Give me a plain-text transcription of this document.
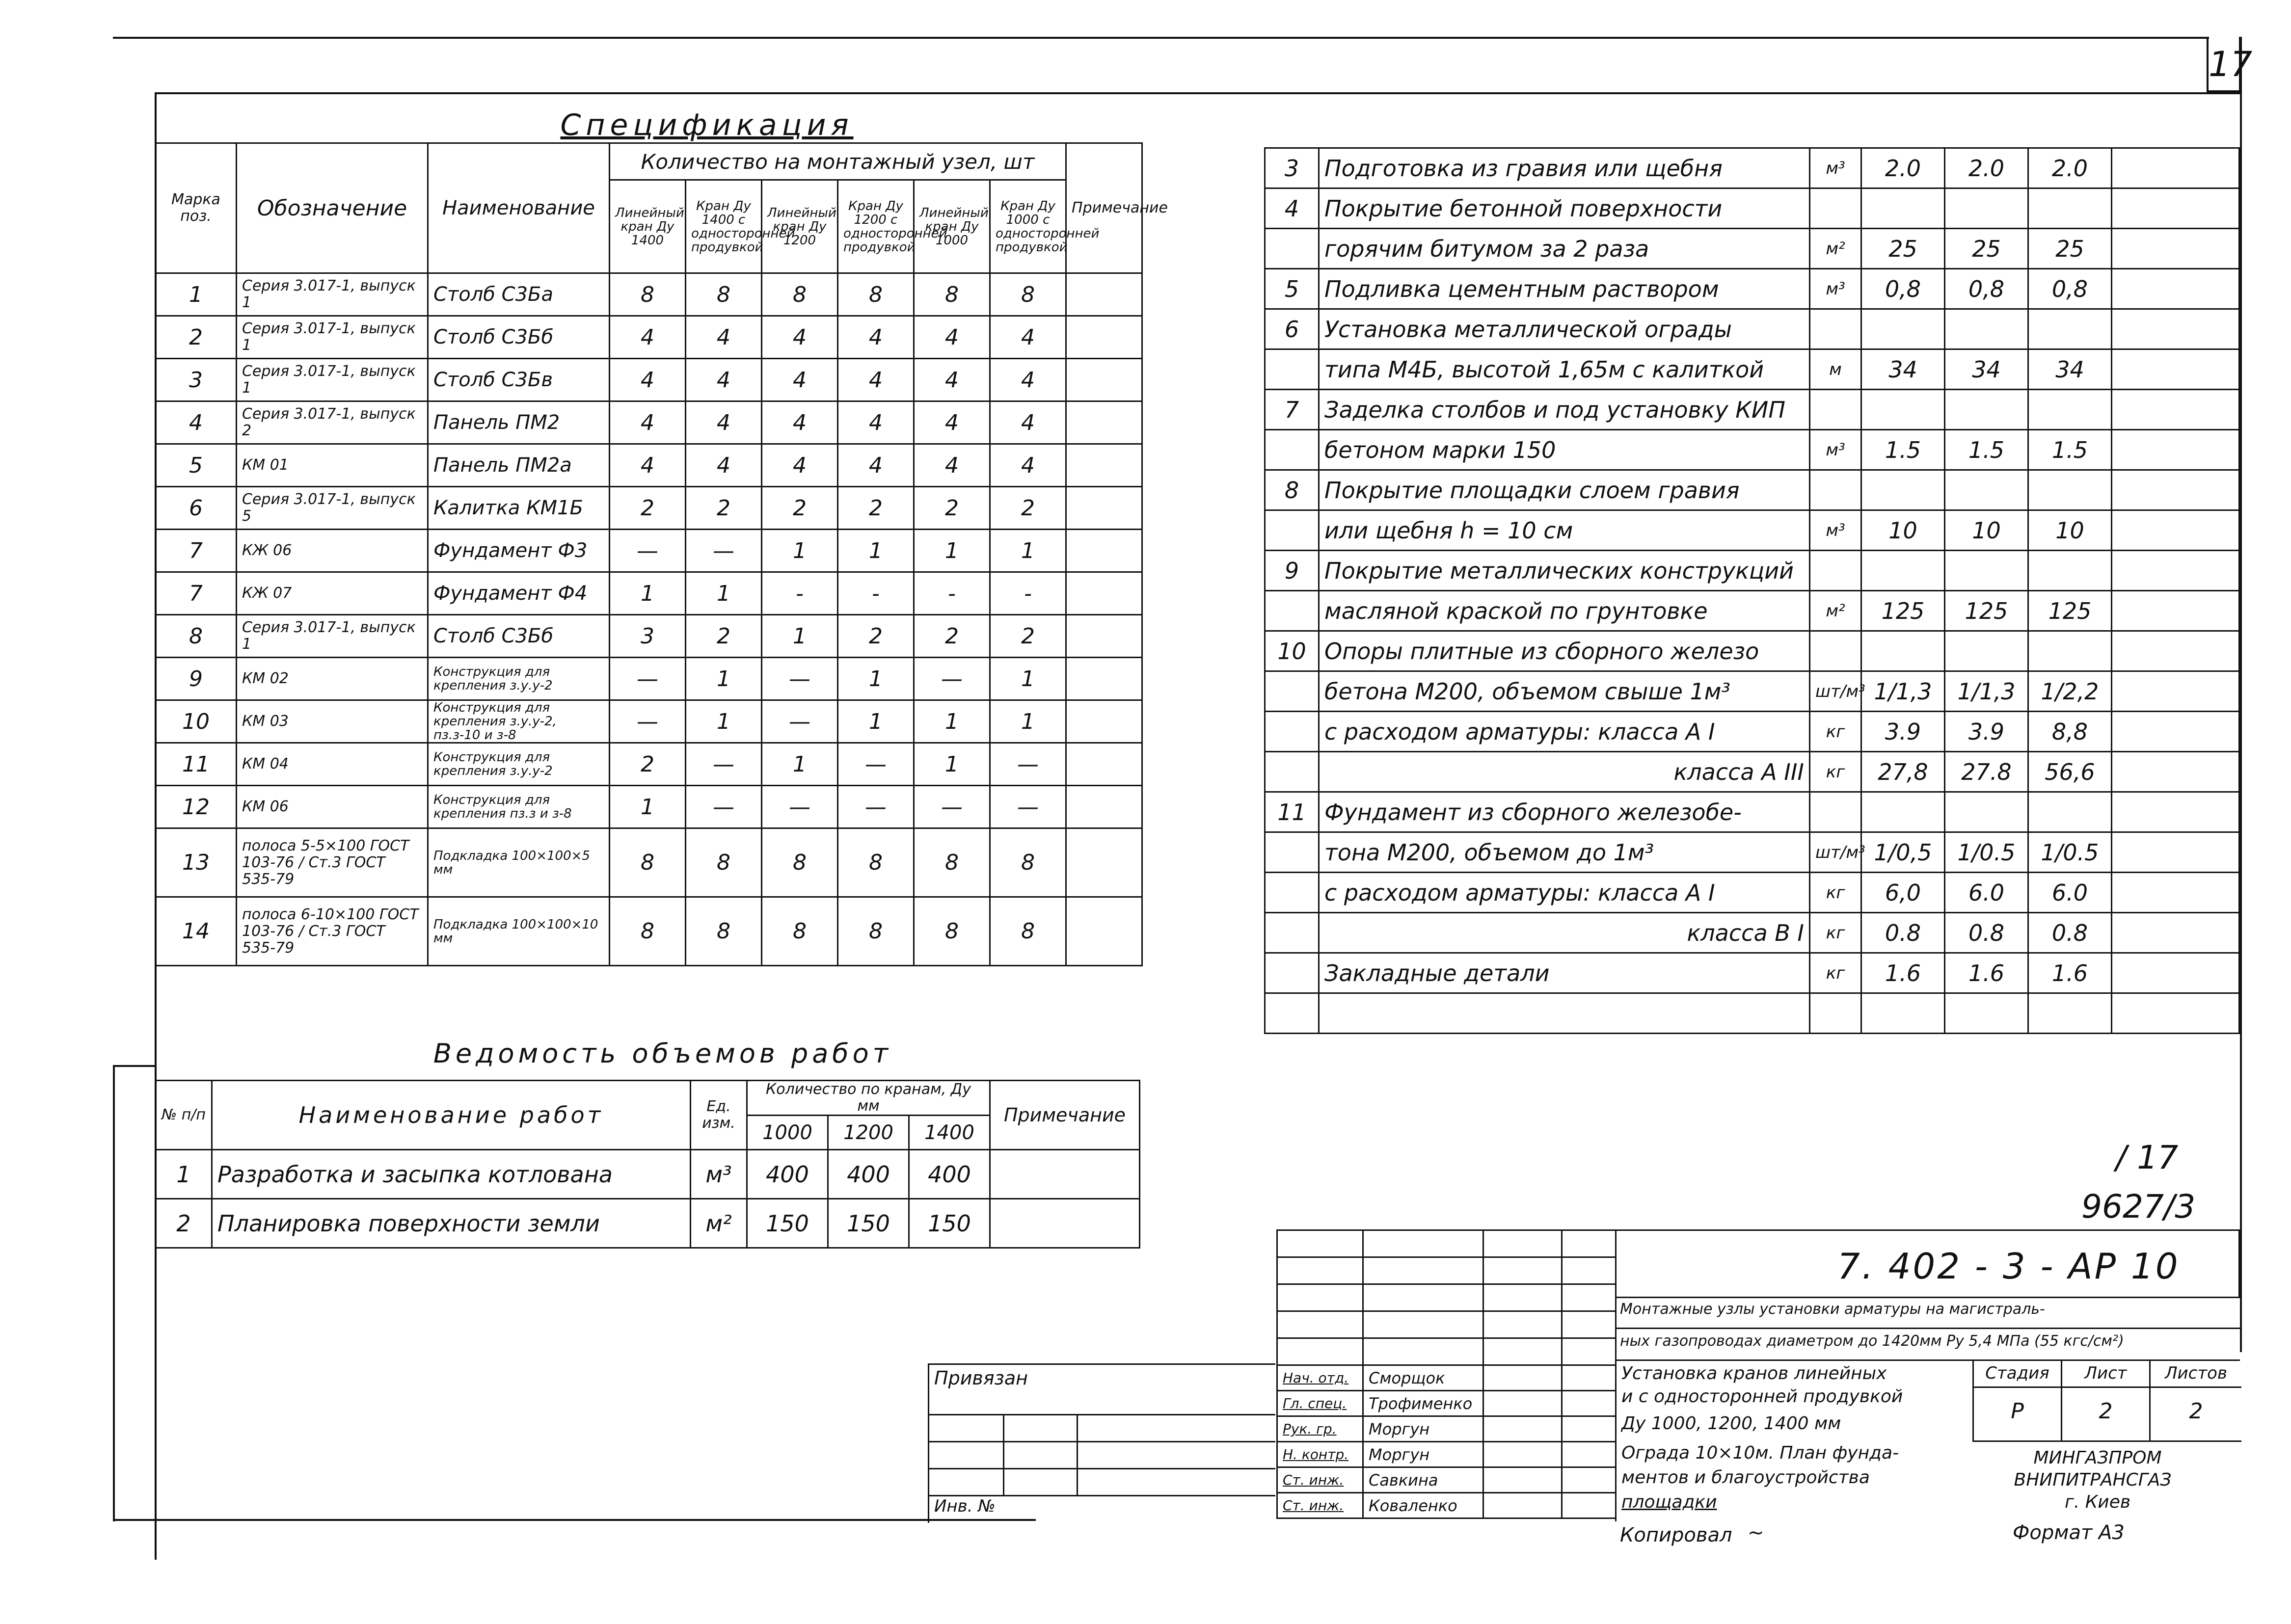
17
Спецификация
Марка поз.	Обозначение	Наименование	Количество на монтажный узел, шт						Примечание
			Линейный кран Ду 1400	Кран Ду 1400 с односторонней продувкой	Линейный кран Ду 1200	Кран Ду 1200 с односторонней продувкой	Линейный кран Ду 1000	Кран Ду 1000 с односторонней продувкой	
1	Серия 3.017-1, выпуск 1	Столб С3Ба	8	8	8	8	8	8	
2	Серия 3.017-1, выпуск 1	Столб С3Бб	4	4	4	4	4	4	
3	Серия 3.017-1, выпуск 1	Столб С3Бв	4	4	4	4	4	4	
4	Серия 3.017-1, выпуск 2	Панель ПМ2	4	4	4	4	4	4	
5	КМ 01	Панель ПМ2а	4	4	4	4	4	4	
6	Серия 3.017-1, выпуск 5	Калитка КМ1Б	2	2	2	2	2	2	
7	КЖ 06	Фундамент Ф3	—	—	1	1	1	1	
7	КЖ 07	Фундамент Ф4	1	1	-	-	-	-	
8	Серия 3.017-1, выпуск 1	Столб С3Бб	3	2	1	2	2	2	
9	КМ 02	Конструкция для крепления з.у.у-2	—	1	—	1	—	1	
10	КМ 03	Конструкция для крепления з.у.у-2, пз.з-10 и з-8	—	1	—	1	1	1	
11	КМ 04	Конструкция для крепления з.у.у-2	2	—	1	—	1	—	
12	КМ 06	Конструкция для крепления пз.з и з-8	1	—	—	—	—	—	
13	полоса 5-5×100 ГОСТ 103-76 / Ст.3 ГОСТ 535-79	Подкладка 100×100×5 мм	8	8	8	8	8	8	
14	полоса 6-10×100 ГОСТ 103-76 / Ст.3 ГОСТ 535-79	Подкладка 100×100×10 мм	8	8	8	8	8	8	
Ведомость объемов работ
№ п/п	Наименование работ	Ед. изм.	Количество по кранам, Ду мм			Примечание
			1000	1200	1400	
1	Разработка и засыпка котлована	м³	400	400	400	
2	Планировка поверхности земли	м²	150	150	150	
3	Подготовка из гравия или щебня	м³	2.0	2.0	2.0	
4	Покрытие бетонной поверхности					
	горячим битумом за 2 раза	м²	25	25	25	
5	Подливка цементным раствором	м³	0,8	0,8	0,8	
6	Установка металлической ограды					
	типа М4Б, высотой 1,65м с калиткой	м	34	34	34	
7	Заделка столбов и под установку КИП					
	бетоном марки 150	м³	1.5	1.5	1.5	
8	Покрытие площадки слоем гравия					
	или щебня h = 10 см	м³	10	10	10	
9	Покрытие металлических конструкций					
	масляной краской по грунтовке	м²	125	125	125	
10	Опоры плитные из сборного железо					
	бетона М200, объемом свыше 1м³	шт/м³	1/1,3	1/1,3	1/2,2	
	с расходом арматуры: класса А I	кг	3.9	3.9	8,8	
	класса А III	кг	27,8	27.8	56,6	
11	Фундамент из сборного железобе-					
	тона М200, объемом до 1м³	шт/м³	1/0,5	1/0.5	1/0.5	
	с расходом арматуры: класса А I	кг	6,0	6.0	6.0	
	класса В I	кг	0.8	0.8	0.8	
	Закладные детали	кг	1.6	1.6	1.6	

/ 17
9627/3
Привязан
Инв. №

Нач. отд.	Сморщок		
Гл. спец.	Трофименко		
Рук. гр.	Моргун		
Н. контр.	Моргун		
Ст. инж.	Савкина		
Ст. инж.	Коваленко		
7. 402 - 3 - АР 10
Монтажные узлы установки арматуры на магистраль-
ных газопроводах диаметром до 1420мм Ру 5,4 МПа (55 кгс/см²)
Установка кранов линейных
и с односторонней продувкой
Ду 1000, 1200, 1400 мм
Ограда 10×10м. План фунда-
ментов и благоустройства
площадки
Стадия	Лист	Листов
Р	2	2
МИНГАЗПРОМ
ВНИПИТРАНСГАЗ
г. Киев
Копировал ~	Формат А3
